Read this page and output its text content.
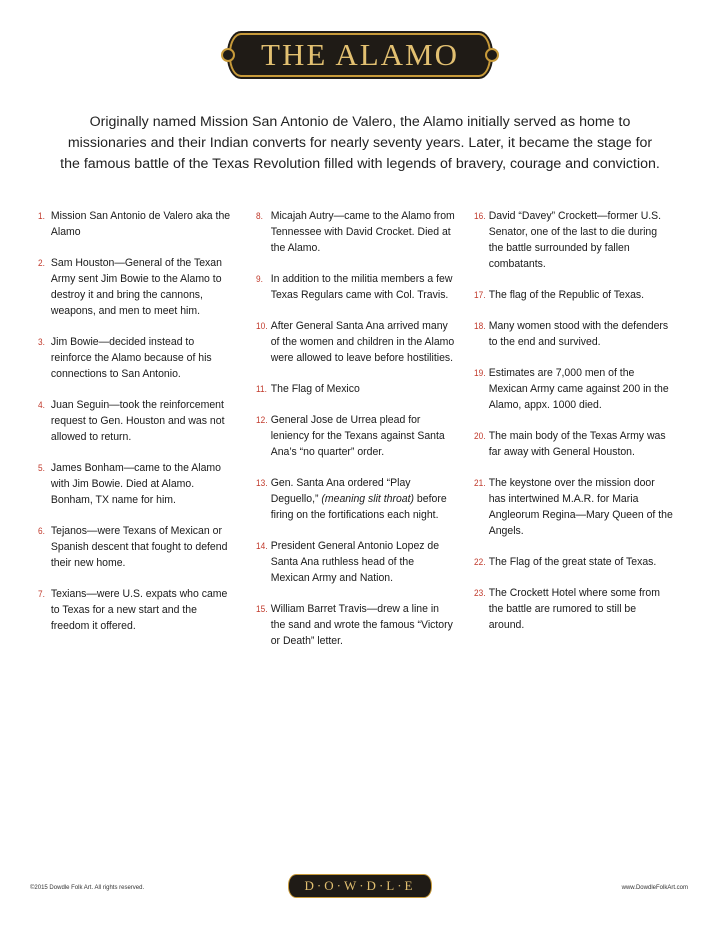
THE ALAMO

Originally named Mission San Antonio de Valero, the Alamo initially served as home to missionaries and their Indian converts for nearly seventy years. Later, it became the stage for the famous battle of the Texas Revolution filled with legends of bravery, courage and conviction.

1. Mission San Antonio de Valero aka the Alamo
2. Sam Houston—General of the Texan Army sent Jim Bowie to the Alamo to destroy it and bring the cannons, weapons, and men to meet him.
3. Jim Bowie—decided instead to reinforce the Alamo because of his connections to San Antonio.
4. Juan Seguin—took the reinforcement request to Gen. Houston and was not allowed to return.
5. James Bonham—came to the Alamo with Jim Bowie. Died at Alamo. Bonham, TX name for him.
6. Tejanos—were Texans of Mexican or Spanish descent that fought to defend their new home.
7. Texians—were U.S. expats who came to Texas for a new start and the freedom it offered.
8. Micajah Autry—came to the Alamo from Tennessee with David Crocket. Died at the Alamo.
9. In addition to the militia members a few Texas Regulars came with Col. Travis.
10. After General Santa Ana arrived many of the women and children in the Alamo were allowed to leave before hostilities.
11. The Flag of Mexico
12. General Jose de Urrea plead for leniency for the Texans against Santa Ana’s “no quarter” order.
13. Gen. Santa Ana ordered “Play Deguello,” (meaning slit throat) before firing on the fortifications each night.
14. President General Antonio Lopez de Santa Ana ruthless head of the Mexican Army and Nation.
15. William Barret Travis—drew a line in the sand and wrote the famous “Victory or Death” letter.
16. David “Davey” Crockett—former U.S. Senator, one of the last to die during the battle surrounded by fallen combatants.
17. The flag of the Republic of Texas.
18. Many women stood with the defenders to the end and survived.
19. Estimates are 7,000 men of the Mexican Army came against 200 in the Alamo, appx. 1000 died.
20. The main body of the Texas Army was far away with General Houston.
21. The keystone over the mission door has intertwined M.A.R. for Maria Angleorum Regina—Mary Queen of the Angels.
22. The Flag of the great state of Texas.
23. The Crockett Hotel where some from the battle are rumored to still be around.
©2015 Dowdle Folk Art. All rights reserved.	D·O·W·D·L·E	www.DowdleFolkArt.com
